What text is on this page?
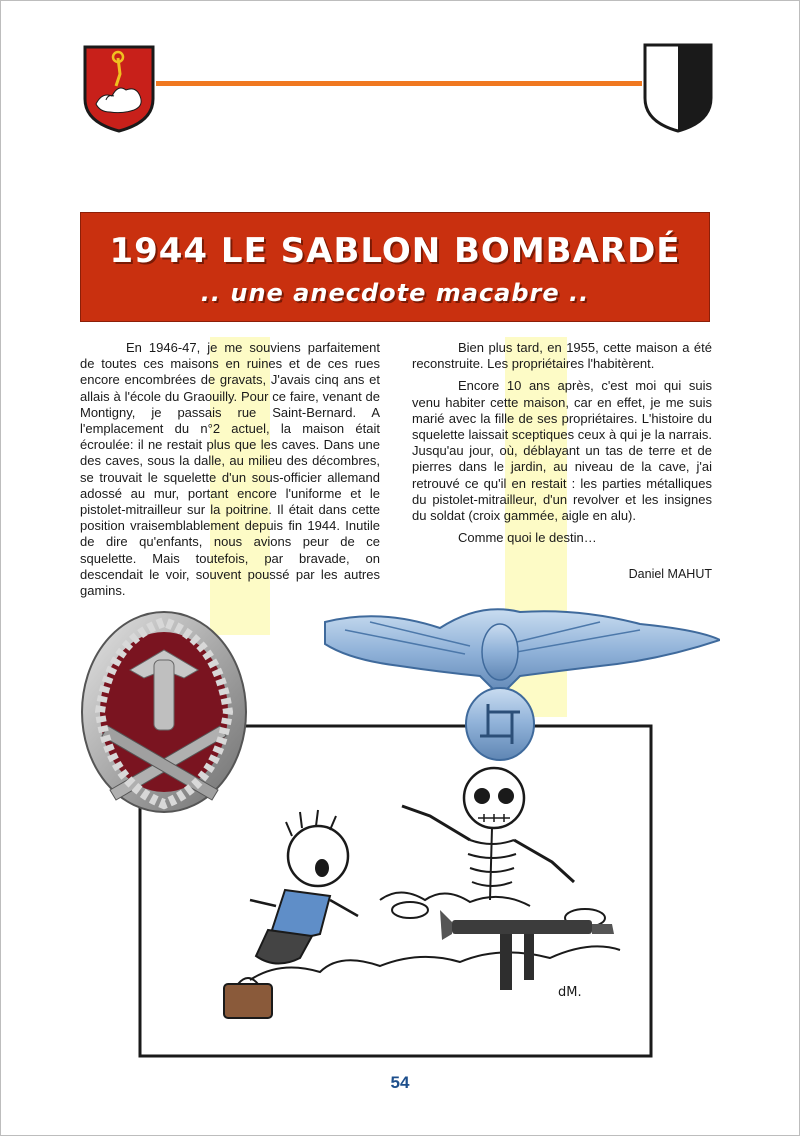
1944 LE SABLON BOMBARDÉ
.. une anecdote macabre ..

En 1946-47, je me souviens parfaitement de toutes ces maisons en ruines et de ces rues encore encombrées de gravats, J'avais cinq ans et allais à l'école du Graouilly. Pour ce faire, venant de Montigny, je passais rue Saint-Bernard. A l'emplacement du n°2 actuel, la maison était écroulée: il ne restait plus que les caves. Dans une des caves, sous la dalle, au milieu des décombres, se trouvait le squelette d'un sous-officier allemand adossé au mur, portant encore l'uniforme et le pistolet-mitrailleur sur la poitrine. Il était dans cette position vraisemblablement depuis fin 1944. Inutile de dire qu'enfants, nous avions peur de ce squelette. Mais toutefois, par bravade, on descendait le voir, souvent poussé par les autres gamins.

Bien plus tard, en 1955, cette maison a été reconstruite. Les propriétaires l'habitèrent.

Encore 10 ans après, c'est moi qui suis venu habiter cette maison, car en effet, je me suis marié avec la fille de ses propriétaires. L'histoire du squelette laissait sceptiques ceux à qui je la narrais. Jusqu'au jour, où, déblayant un tas de terre et de pierres dans le jardin, au niveau de la cave, j'ai retrouvé ce qu'il en restait : les parties métalliques du pistolet-mitrailleur, d'un revolver et les insignes du soldat (croix gammée, aigle en alu).

Comme quoi le destin…

Daniel MAHUT
dM.
54
